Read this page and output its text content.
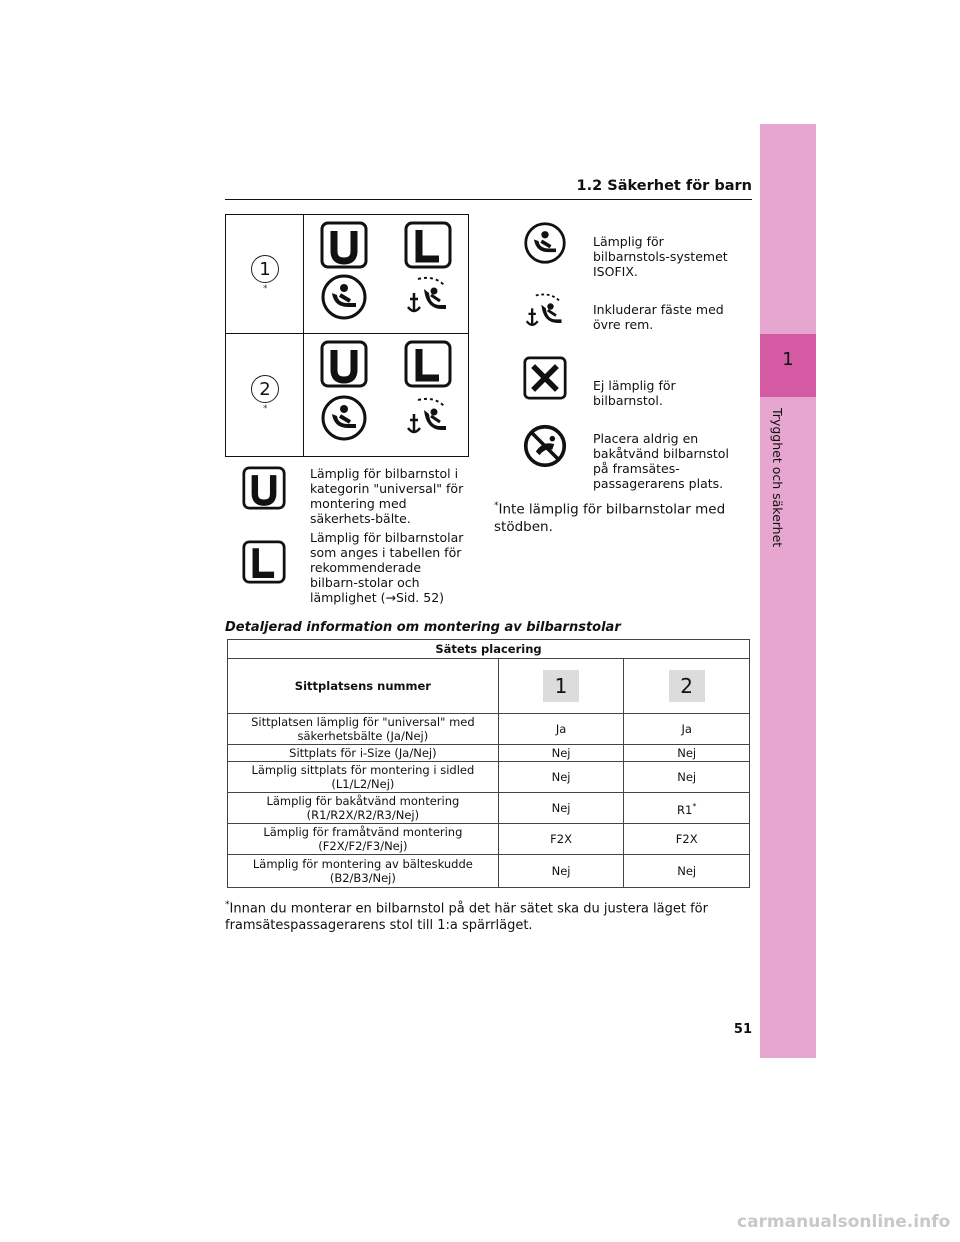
1.2 Säkerhet för barn
1
Trygghet och säkerhet
1
*
2
*
Lämplig för bilbarnstol i kategorin "universal" för montering med säkerhets-bälte.
Lämplig för bilbarnstolar som anges i tabellen för rekommenderade bilbarn-stolar och lämplighet (→Sid. 52)
Lämplig för bilbarnstols-systemet ISOFIX.
Inkluderar fäste med övre rem.
Ej lämplig för bilbarnstol.
Placera aldrig en bakåtvänd bilbarnstol på framsätes-passagerarens plats.
*Inte lämplig för bilbarnstolar med stödben.
Detaljerad information om montering av bilbarnstolar
Sätets placering		
Sittplatsens nummer	1	2
Sittplatsen lämplig för "universal" med säkerhetsbälte (Ja/Nej)	Ja	Ja
Sittplats för i-Size (Ja/Nej)	Nej	Nej
Lämplig sittplats för montering i sidled (L1/L2/Nej)	Nej	Nej
Lämplig för bakåtvänd montering (R1/R2X/R2/R3/Nej)	Nej	R1*
Lämplig för framåtvänd montering (F2X/F2/F3/Nej)	F2X	F2X
Lämplig för montering av bälteskudde (B2/B3/Nej)	Nej	Nej
*Innan du monterar en bilbarnstol på det här sätet ska du justera läget för framsätespassagerarens stol till 1:a spärrläget.
51
carmanualsonline.info
